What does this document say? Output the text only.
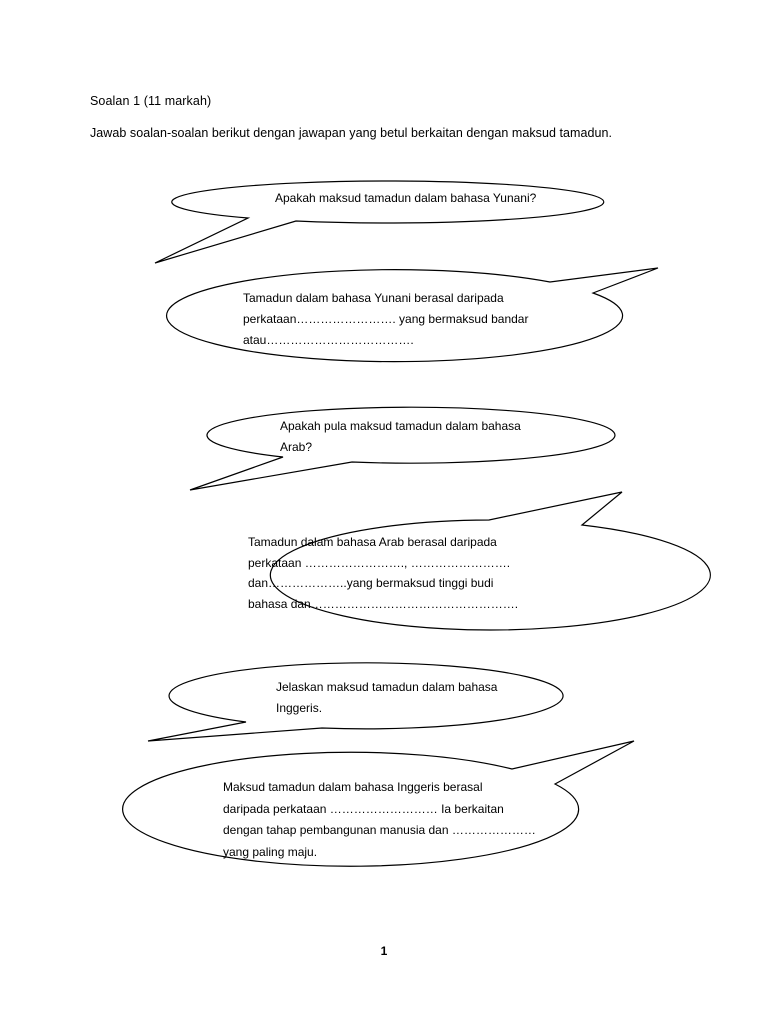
Soalan 1 (11 markah)
Jawab soalan-soalan berikut dengan jawapan yang betul berkaitan dengan maksud tamadun.
Apakah maksud tamadun dalam bahasa Yunani?
Tamadun dalam bahasa Yunani berasal daripada
perkataan……………………. yang bermaksud bandar
atau……………………………….
Apakah pula maksud tamadun dalam bahasa
Arab?
Tamadun dalam bahasa Arab berasal daripada
perkataan ……………………., …………………….
dan………………..yang bermaksud tinggi budi
bahasa dan…………………………………………….
Jelaskan maksud tamadun dalam bahasa
Inggeris.
Maksud tamadun dalam bahasa Inggeris berasal
daripada perkataan ……………………… Ia berkaitan
dengan tahap pembangunan manusia dan …………………
yang paling maju.
1
